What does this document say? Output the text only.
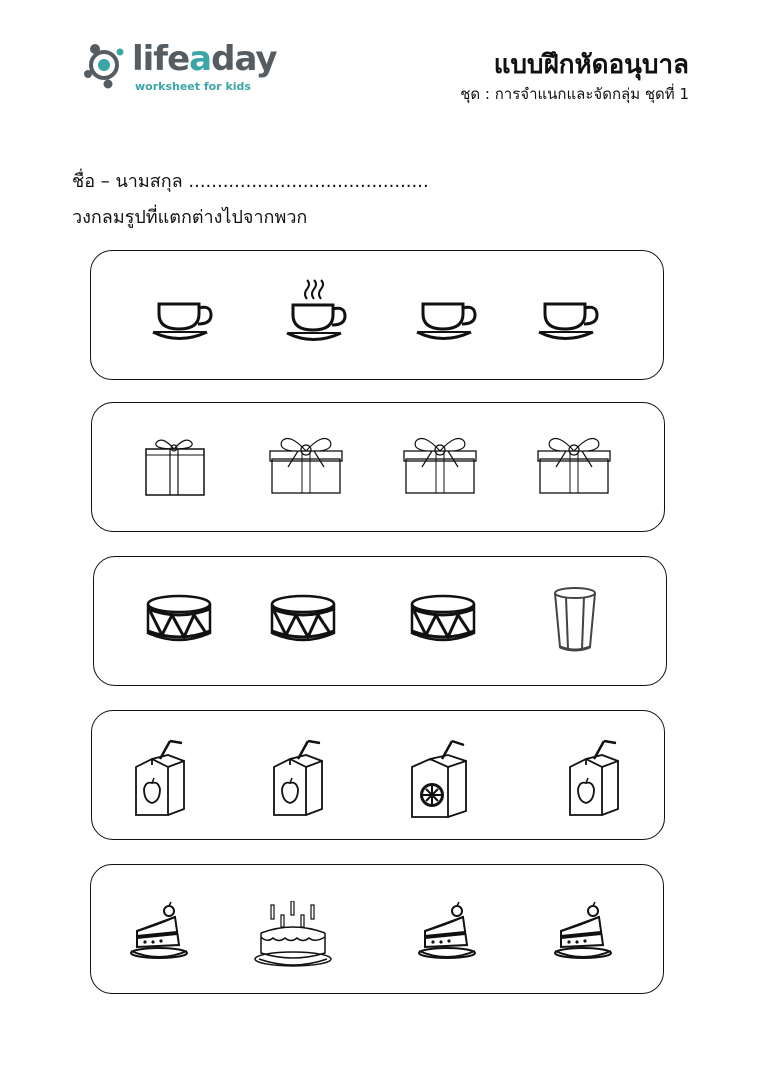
lifeaday
worksheet for kids
แบบฝึกหัดอนุบาล
ชุด : การจำแนกและจัดกลุ่ม ชุดที่ 1
ชื่อ – นามสกุล ..........................................
วงกลมรูปที่แตกต่างไปจากพวก
